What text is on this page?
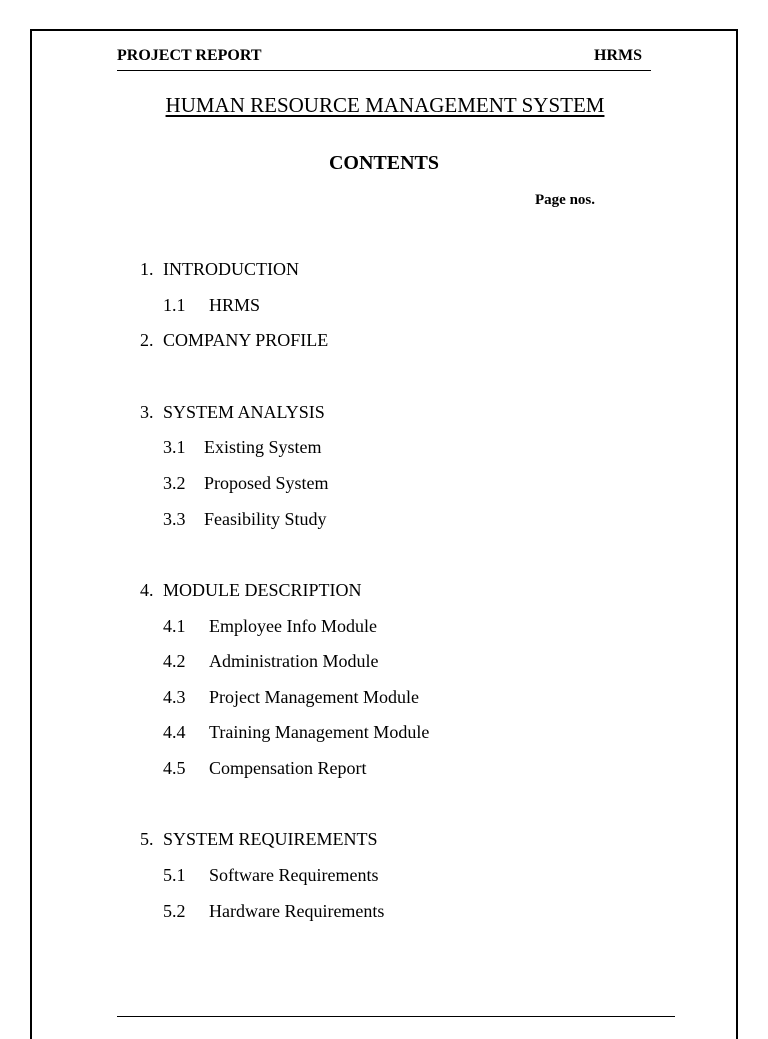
PROJECT REPORT	HRMS
HUMAN RESOURCE MANAGEMENT SYSTEM
CONTENTS
Page nos.
1. INTRODUCTION
1.1 HRMS
2. COMPANY PROFILE
3. SYSTEM ANALYSIS
3.1 Existing System
3.2 Proposed System
3.3 Feasibility Study
4. MODULE DESCRIPTION
4.1 Employee Info Module
4.2 Administration Module
4.3 Project Management Module
4.4 Training Management Module
4.5 Compensation Report
5. SYSTEM REQUIREMENTS
5.1 Software Requirements
5.2 Hardware Requirements
